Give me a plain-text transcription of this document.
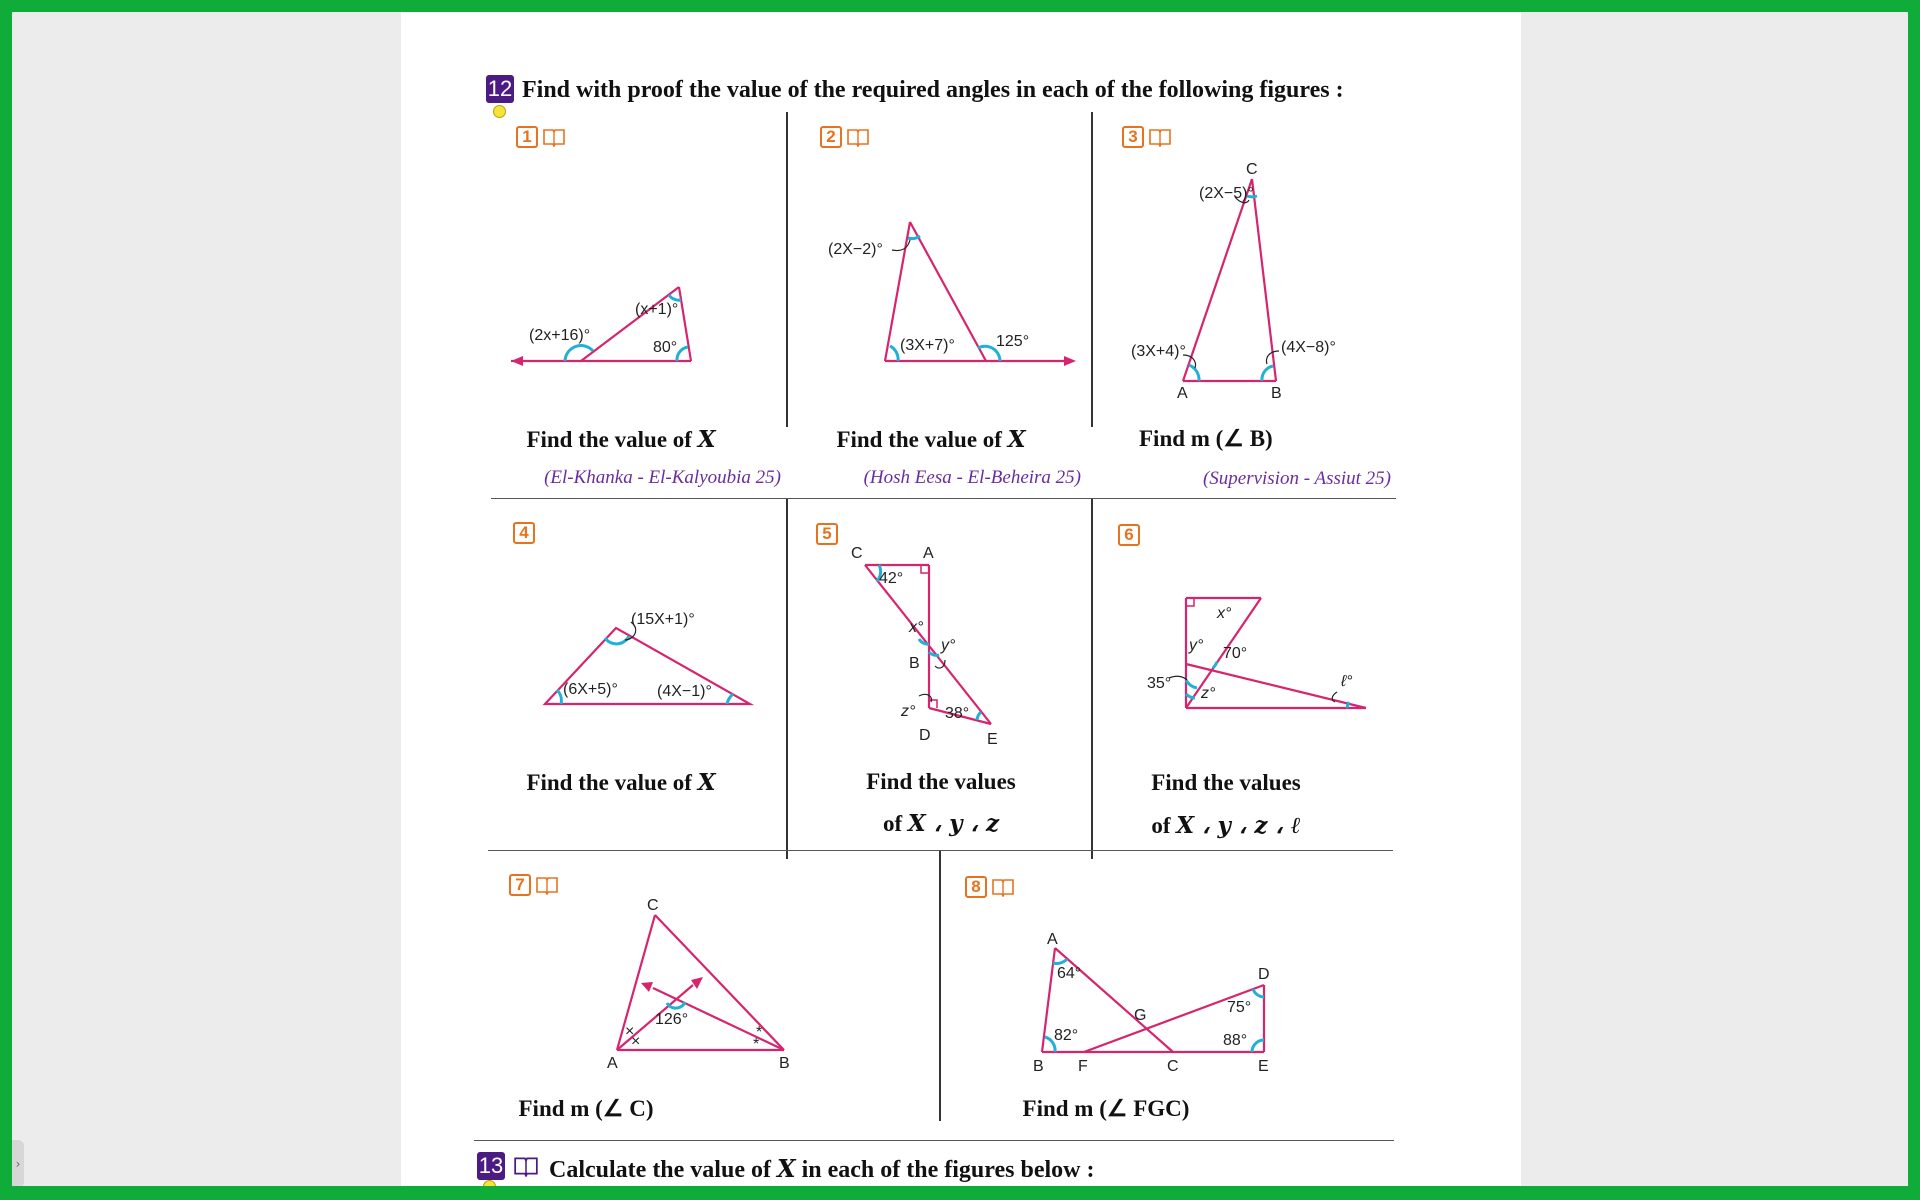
›
12 Find with proof the value of the required angles in each of the following figures :
1
(2x+16)°
(x+1)°
80°
Find the value of X
(El-Khanka - El-Kalyoubia 25)
2
(2X−2)°
(3X+7)°	125°
Find the value of X
(Hosh Eesa - El-Beheira 25)
3
C
A	B
(2X−5)°
(3X+4)°	(4X−8)°
Find m (∠ B)
(Supervision - Assiut 25)
4
(15X+1)°
(6X+5)° (4X−1)°
Find the value of X
5
C	A
B
D	E
42°
x°
y°
z° 38°
Find the values
of X ، y ، z
6
x°
y° 70°
35°
z°
ℓ°
Find the values
of X ، y ، z ، ℓ
7
×
×
*
*
C
A	B
126°
Find m (∠ C)
8
A
B F	C	E
D
G
64°
82°
75°
88°
Find m (∠ FGC)
13 Calculate the value of X in each of the figures below :
